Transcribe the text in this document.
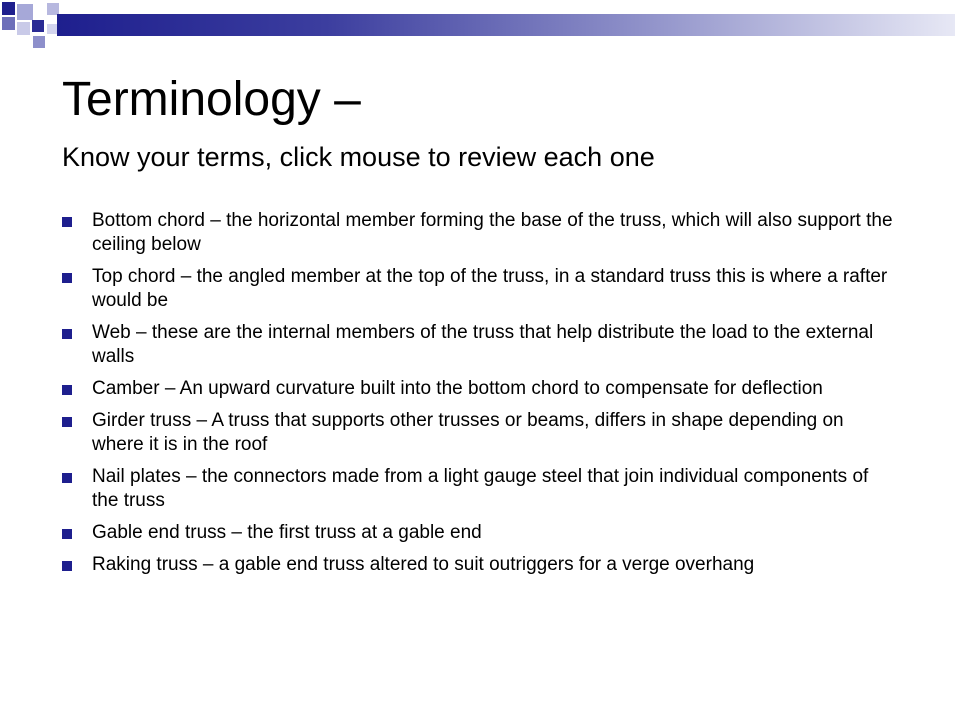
Terminology –
Know your terms, click mouse to review each one
Bottom chord – the horizontal member forming the base of the truss, which will also support the ceiling below
Top chord – the angled member at the top of the truss, in a standard truss this is where a rafter would be
Web – these are the internal members of the truss that help distribute the load to the external walls
Camber – An upward curvature built into the bottom chord to compensate for deflection
Girder truss – A truss that supports other trusses or beams, differs in shape depending on where it is in the roof
Nail plates – the connectors made from a light gauge steel that join individual components of the truss
Gable end truss – the first truss at a gable end
Raking truss – a gable end truss altered to suit outriggers for a verge overhang
